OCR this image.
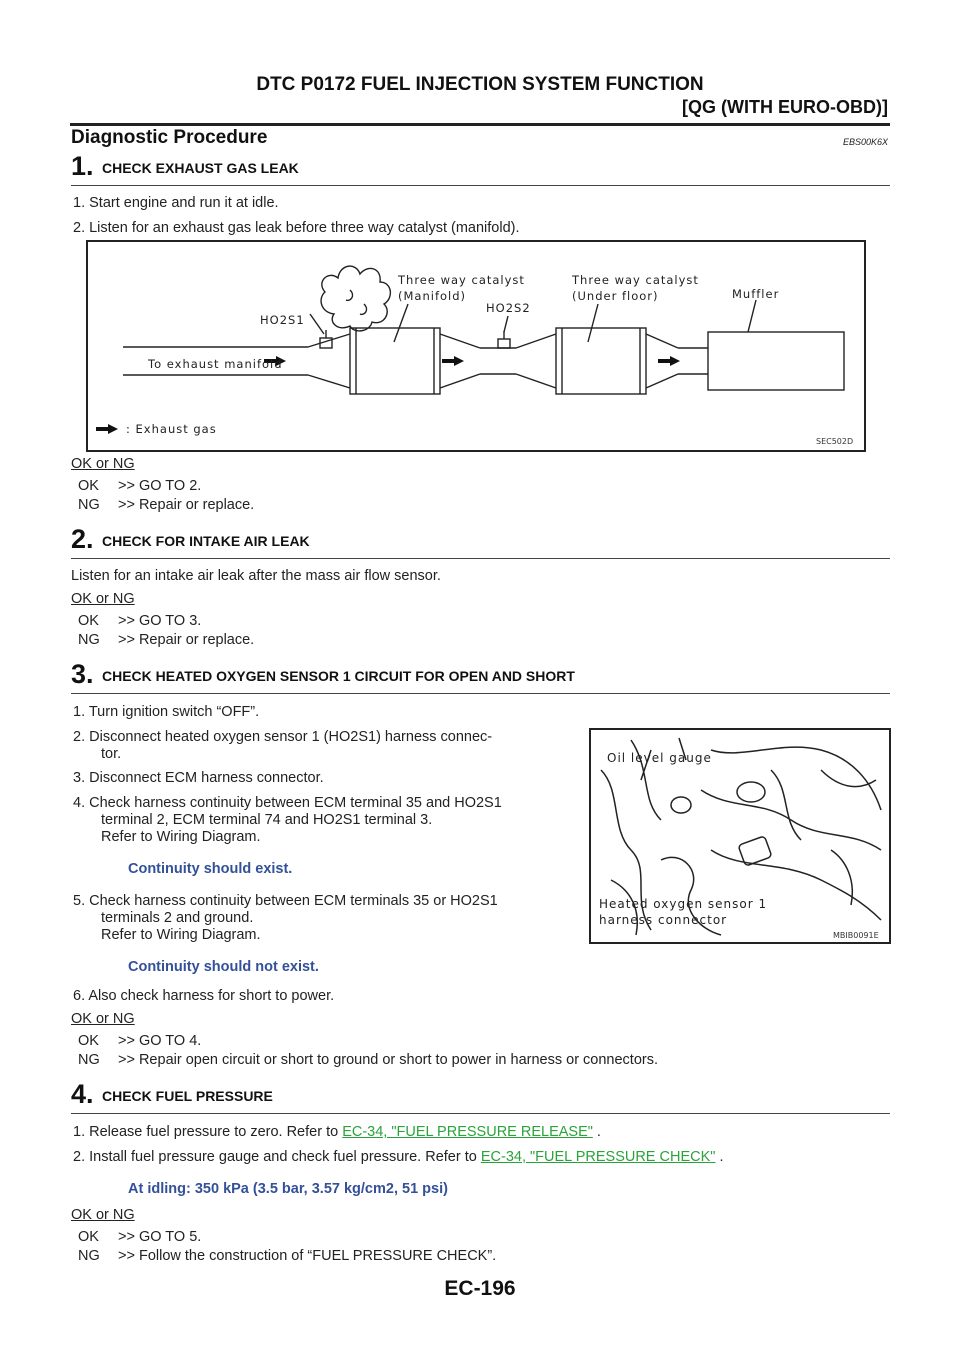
DTC P0172 FUEL INJECTION SYSTEM FUNCTION
[QG (WITH EURO-OBD)]
Diagnostic Procedure	EBS00K6X
1. CHECK EXHAUST GAS LEAK
1. Start engine and run it at idle.
2. Listen for an exhaust gas leak before three way catalyst (manifold).
Three way catalyst
(Manifold)
Three way catalyst
(Under floor)	Muffler
HO2S1
HO2S2
To exhaust manifold
: Exhaust gas
SEC502D
OK or NG
OK >> GO TO 2.
NG >> Repair or replace.
2. CHECK FOR INTAKE AIR LEAK
Listen for an intake air leak after the mass air flow sensor.
OK or NG
OK >> GO TO 3.
NG >> Repair or replace.
3. CHECK HEATED OXYGEN SENSOR 1 CIRCUIT FOR OPEN AND SHORT
1. Turn ignition switch “OFF”.
2. Disconnect heated oxygen sensor 1 (HO2S1) harness connec-
tor.
3. Disconnect ECM harness connector.
4. Check harness continuity between ECM terminal 35 and HO2S1
terminal 2, ECM terminal 74 and HO2S1 terminal 3.
Refer to Wiring Diagram.
Continuity should exist.
5. Check harness continuity between ECM terminals 35 or HO2S1
terminals 2 and ground.
Refer to Wiring Diagram.
Continuity should not exist.
6. Also check harness for short to power.
Oil level gauge
Heated oxygen sensor 1
harness connector
MBIB0091E
OK or NG
OK >> GO TO 4.
NG >> Repair open circuit or short to ground or short to power in harness or connectors.
4. CHECK FUEL PRESSURE
1. Release fuel pressure to zero. Refer to EC-34, "FUEL PRESSURE RELEASE" .
2. Install fuel pressure gauge and check fuel pressure. Refer to EC-34, "FUEL PRESSURE CHECK" .
At idling: 350 kPa (3.5 bar, 3.57 kg/cm2, 51 psi)
OK or NG
OK >> GO TO 5.
NG >> Follow the construction of “FUEL PRESSURE CHECK”.
EC-196
